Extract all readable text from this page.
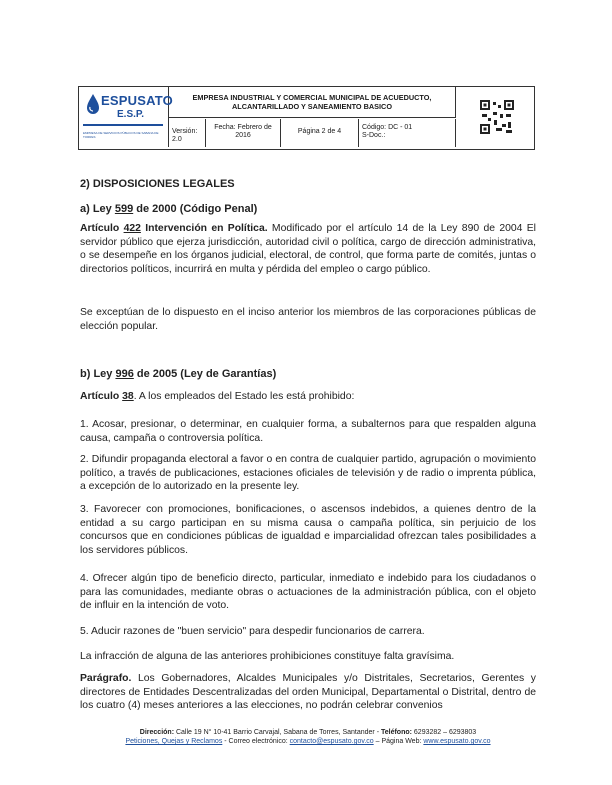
ESPUSATO
E.S.P.
EMPRESA DE SERVICIOS PÚBLICOS DE SABANA DE TORRES
EMPRESA INDUSTRIAL Y COMERCIAL MUNICIPAL DE ACUEDUCTO,
ALCANTARILLADO Y SANEAMIENTO BASICO
Versión: 2.0
Fecha: Febrero de 2016
Página 2 de 4
Código: DC - 01
S-Doc.:
2) DISPOSICIONES LEGALES
a) Ley 599 de 2000 (Código Penal)
Artículo 422 Intervención en Política. Modificado por el artículo 14 de la Ley 890 de 2004 El servidor público que ejerza jurisdicción, autoridad civil o política, cargo de dirección administrativa, o se desempeñe en los órganos judicial, electoral, de control, que forma parte de comités, juntas o directorios políticos, incurrirá en multa y pérdida del empleo o cargo público.
Se exceptúan de lo dispuesto en el inciso anterior los miembros de las corporaciones públicas de elección popular.
b) Ley 996 de 2005 (Ley de Garantías)
Artículo 38. A los empleados del Estado les está prohibido:
1. Acosar, presionar, o determinar, en cualquier forma, a subalternos para que respalden alguna causa, campaña o controversia política.
2. Difundir propaganda electoral a favor o en contra de cualquier partido, agrupación o movimiento político, a través de publicaciones, estaciones oficiales de televisión y de radio o imprenta pública, a excepción de lo autorizado en la presente ley.
3. Favorecer con promociones, bonificaciones, o ascensos indebidos, a quienes dentro de la entidad a su cargo participan en su misma causa o campaña política, sin perjuicio de los concursos que en condiciones públicas de igualdad e imparcialidad ofrezcan tales posibilidades a los servidores públicos.
4. Ofrecer algún tipo de beneficio directo, particular, inmediato e indebido para los ciudadanos o para las comunidades, mediante obras o actuaciones de la administración pública, con el objeto de influir en la intención de voto.
5. Aducir razones de "buen servicio" para despedir funcionarios de carrera.
La infracción de alguna de las anteriores prohibiciones constituye falta gravísima.
Parágrafo. Los Gobernadores, Alcaldes Municipales y/o Distritales, Secretarios, Gerentes y directores de Entidades Descentralizadas del orden Municipal, Departamental o Distrital, dentro de los cuatro (4) meses anteriores a las elecciones, no podrán celebrar convenios
Dirección: Calle 19 N° 10-41 Barrio Carvajal, Sabana de Torres, Santander - Teléfono: 6293282 – 6293803
Peticiones, Quejas y Reclamos - Correo electrónico: contacto@espusato.gov.co – Página Web: www.espusato.gov.co
